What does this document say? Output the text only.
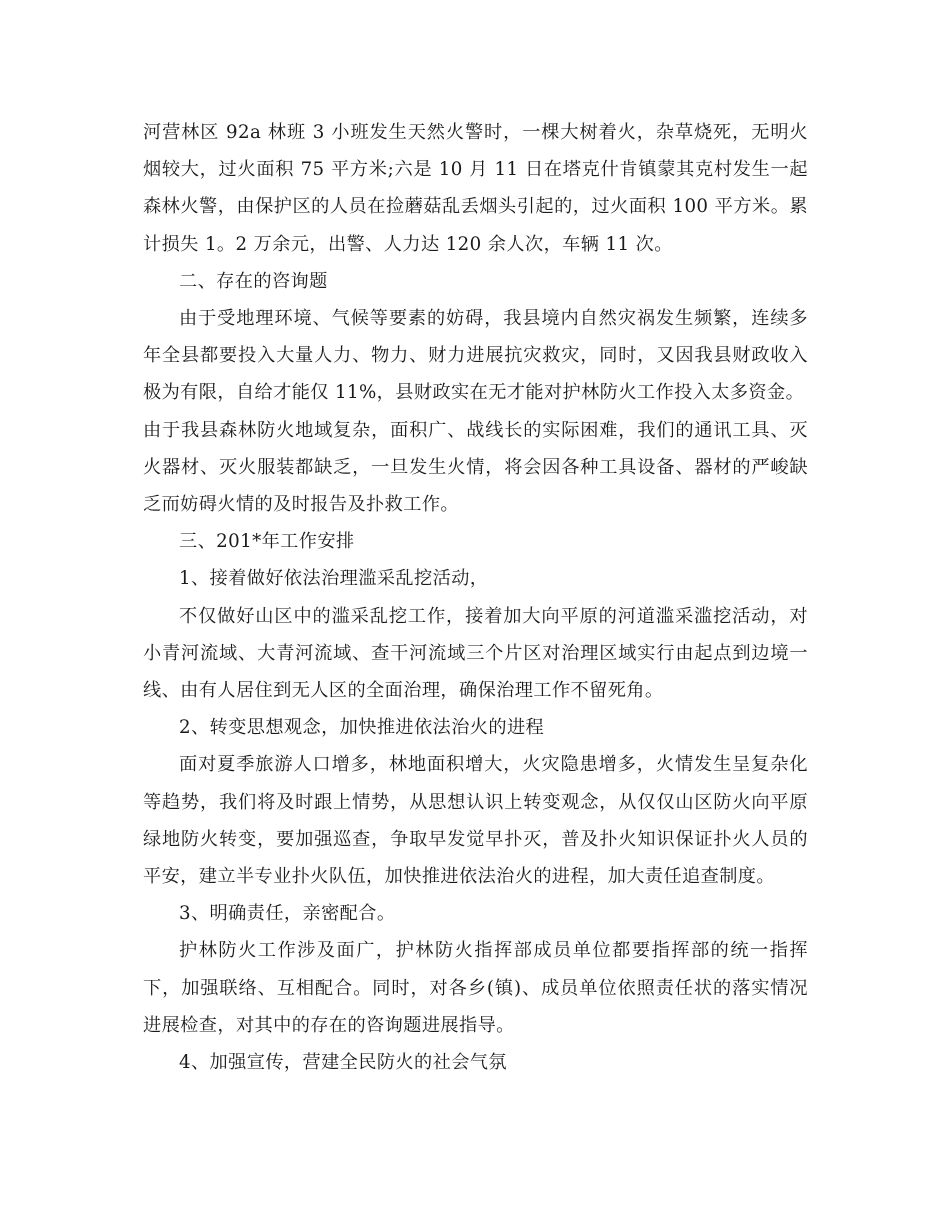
河营林区 92a 林班 3 小班发生天然火警时，一棵大树着火，杂草烧死，无明火烟较大，过火面积 75 平方米;六是 10 月 11 日在塔克什肯镇蒙其克村发生一起森林火警，由保护区的人员在捡蘑菇乱丢烟头引起的，过火面积 100 平方米。累计损失 1。2 万余元，出警、人力达 120 余人次，车辆 11 次。

二、存在的咨询题

由于受地理环境、气候等要素的妨碍，我县境内自然灾祸发生频繁，连续多年全县都要投入大量人力、物力、财力进展抗灾救灾，同时，又因我县财政收入极为有限，自给才能仅 11%，县财政实在无才能对护林防火工作投入太多资金。

由于我县森林防火地域复杂，面积广、战线长的实际困难，我们的通讯工具、灭火器材、灭火服装都缺乏，一旦发生火情，将会因各种工具设备、器材的严峻缺乏而妨碍火情的及时报告及扑救工作。

三、201*年工作安排

1、接着做好依法治理滥采乱挖活动，

不仅做好山区中的滥采乱挖工作，接着加大向平原的河道滥采滥挖活动，对小青河流域、大青河流域、查干河流域三个片区对治理区域实行由起点到边境一线、由有人居住到无人区的全面治理，确保治理工作不留死角。

2、转变思想观念，加快推进依法治火的进程

面对夏季旅游人口增多，林地面积增大，火灾隐患增多，火情发生呈复杂化等趋势，我们将及时跟上情势，从思想认识上转变观念，从仅仅山区防火向平原绿地防火转变，要加强巡查，争取早发觉早扑灭，普及扑火知识保证扑火人员的平安，建立半专业扑火队伍，加快推进依法治火的进程，加大责任追查制度。

3、明确责任，亲密配合。

护林防火工作涉及面广，护林防火指挥部成员单位都要指挥部的统一指挥下，加强联络、互相配合。同时，对各乡(镇)、成员单位依照责任状的落实情况进展检查，对其中的存在的咨询题进展指导。

4、加强宣传，营建全民防火的社会气氛
